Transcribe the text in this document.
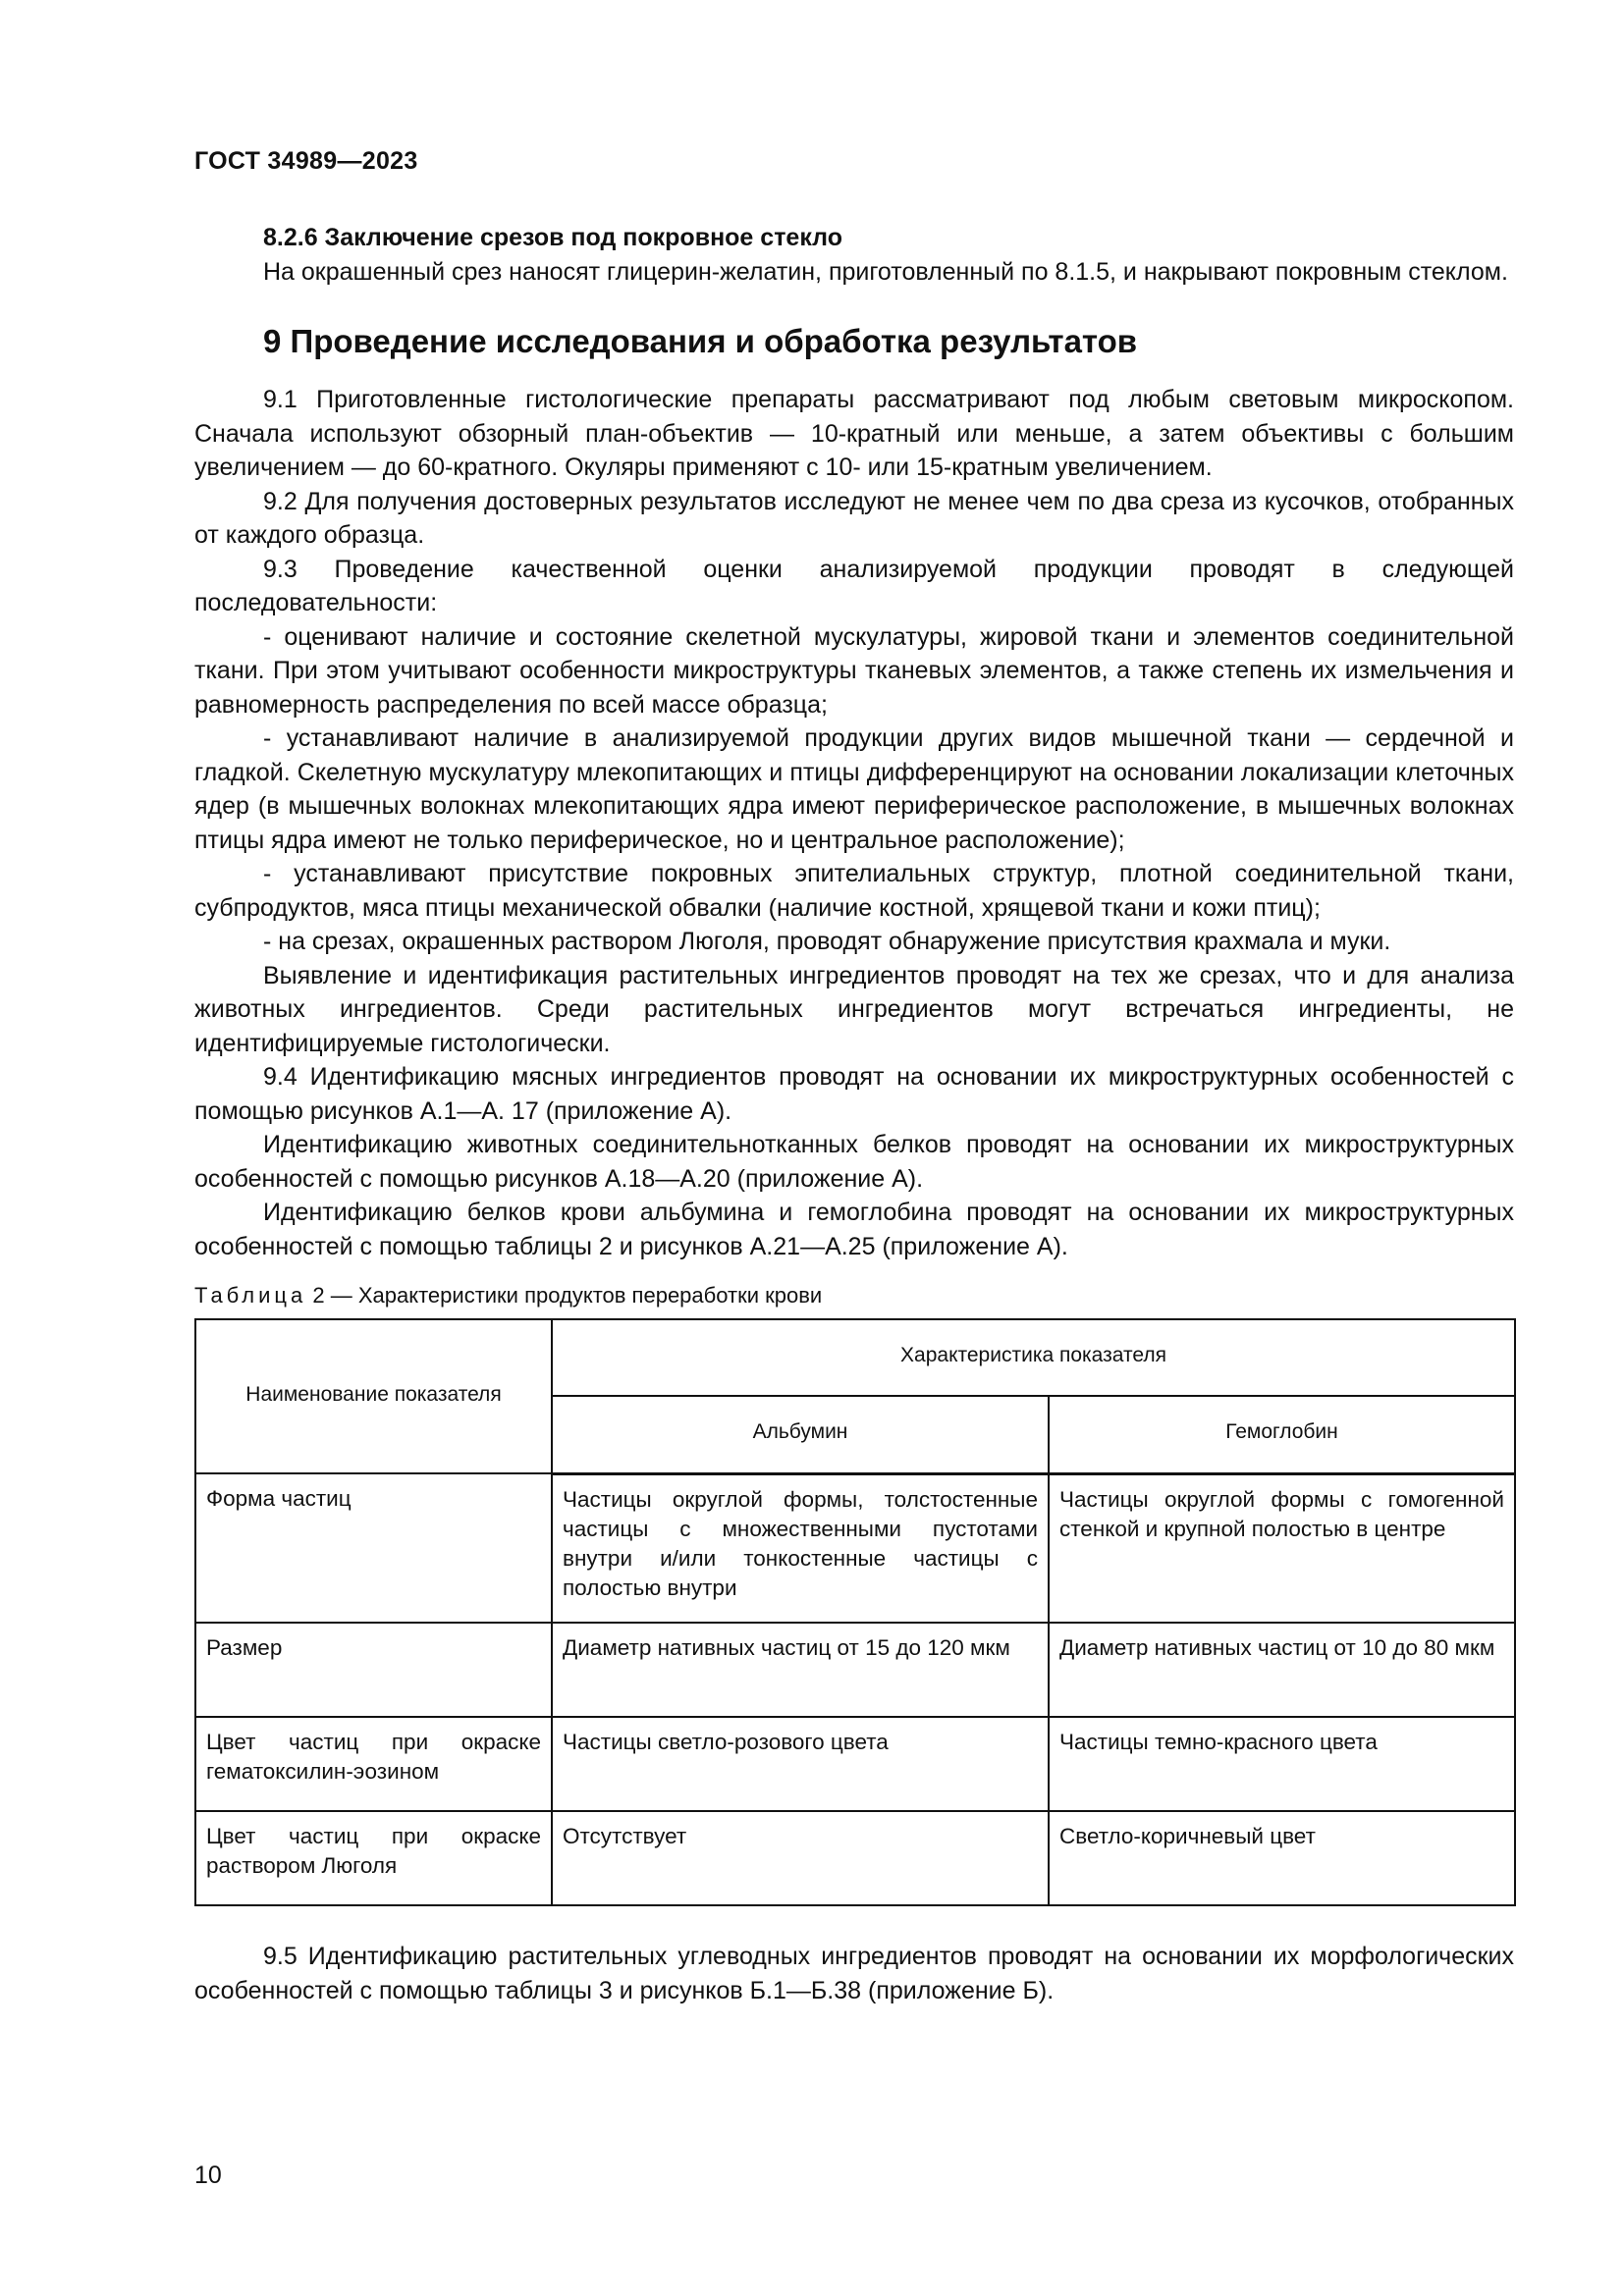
ГОСТ 34989—2023

8.2.6 Заключение срезов под покровное стекло

На окрашенный срез наносят глицерин-желатин, приготовленный по 8.1.5, и накрывают покровным стеклом.

9 Проведение исследования и обработка результатов

9.1 Приготовленные гистологические препараты рассматривают под любым световым микроскопом. Сначала используют обзорный план-объектив — 10-кратный или меньше, а затем объективы с большим увеличением — до 60-кратного. Окуляры применяют с 10- или 15-кратным увеличением.

9.2 Для получения достоверных результатов исследуют не менее чем по два среза из кусочков, отобранных от каждого образца.

9.3 Проведение качественной оценки анализируемой продукции проводят в следующей последовательности:

- оценивают наличие и состояние скелетной мускулатуры, жировой ткани и элементов соединительной ткани. При этом учитывают особенности микроструктуры тканевых элементов, а также степень их измельчения и равномерность распределения по всей массе образца;

- устанавливают наличие в анализируемой продукции других видов мышечной ткани — сердечной и гладкой. Скелетную мускулатуру млекопитающих и птицы дифференцируют на основании локализации клеточных ядер (в мышечных волокнах млекопитающих ядра имеют периферическое расположение, в мышечных волокнах птицы ядра имеют не только периферическое, но и центральное расположение);

- устанавливают присутствие покровных эпителиальных структур, плотной соединительной ткани, субпродуктов, мяса птицы механической обвалки (наличие костной, хрящевой ткани и кожи птиц);

- на срезах, окрашенных раствором Люголя, проводят обнаружение присутствия крахмала и муки.

Выявление и идентификация растительных ингредиентов проводят на тех же срезах, что и для анализа животных ингредиентов. Среди растительных ингредиентов могут встречаться ингредиенты, не идентифицируемые гистологически.

9.4 Идентификацию мясных ингредиентов проводят на основании их микроструктурных особенностей с помощью рисунков А.1—А. 17 (приложение А).

Идентификацию животных соединительнотканных белков проводят на основании их микроструктурных особенностей с помощью рисунков А.18—А.20 (приложение А).

Идентификацию белков крови альбумина и гемоглобина проводят на основании их микроструктурных особенностей с помощью таблицы 2 и рисунков А.21—А.25 (приложение А).

Таблица 2 — Характеристики продуктов переработки крови
Наименование показателя	Характеристика показателя	
	Альбумин	Гемоглобин
Форма частиц	Частицы округлой формы, толстостенные частицы с множественными пустотами внутри и/или тонкостенные частицы с полостью внутри	Частицы округлой формы с гомогенной стенкой и крупной полостью в центре
Размер	Диаметр нативных частиц от 15 до 120 мкм	Диаметр нативных частиц от 10 до 80 мкм
Цвет частиц при окраске гематоксилин-эозином	Частицы светло-розового цвета	Частицы темно-красного цвета
Цвет частиц при окраске раствором Люголя	Отсутствует	Светло-коричневый цвет

9.5 Идентификацию растительных углеводных ингредиентов проводят на основании их морфологических особенностей с помощью таблицы 3 и рисунков Б.1—Б.38 (приложение Б).

10
